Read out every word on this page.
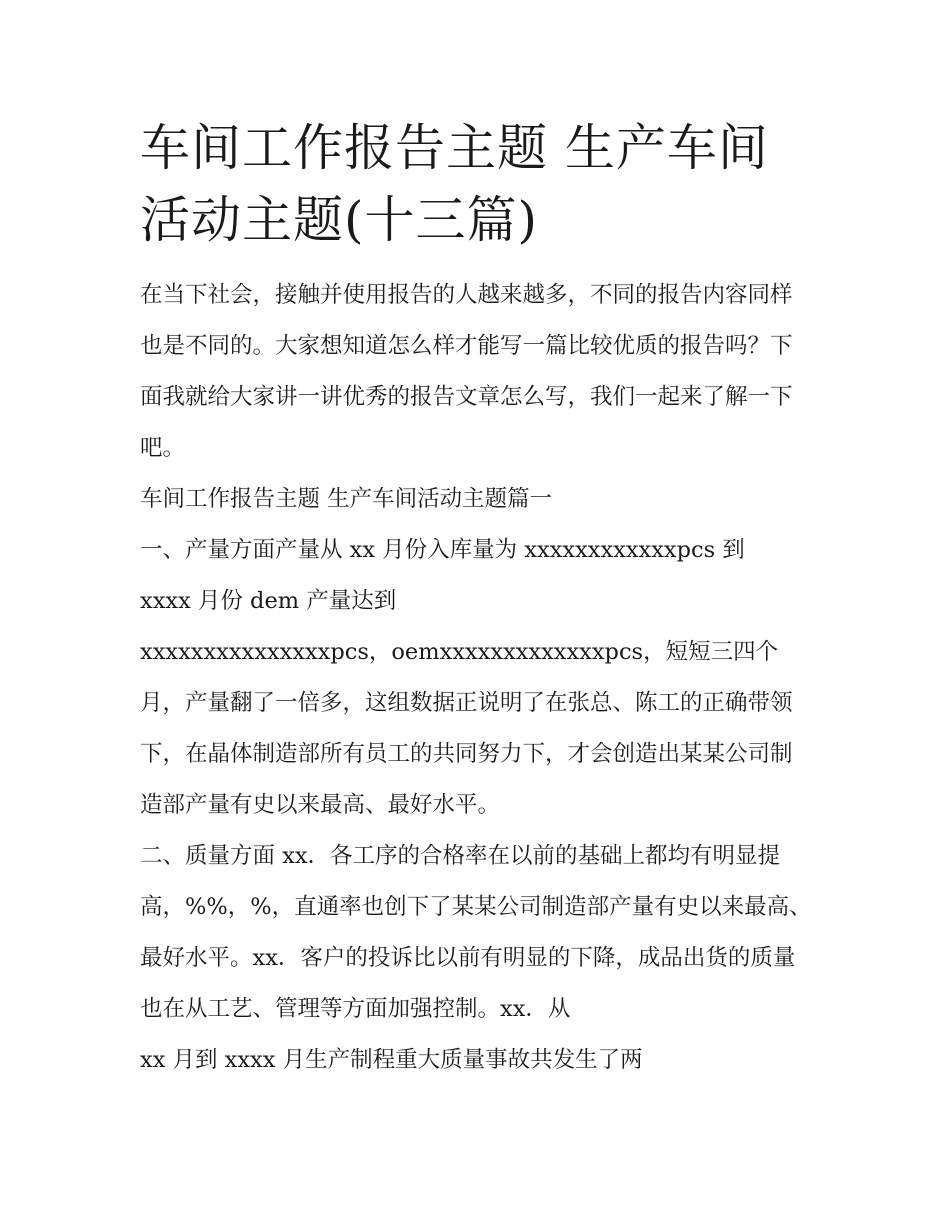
车间工作报告主题 生产车间活动主题(十三篇)

在当下社会，接触并使用报告的人越来越多，不同的报告内容同样也是不同的。大家想知道怎么样才能写一篇比较优质的报告吗？下面我就给大家讲一讲优秀的报告文章怎么写，我们一起来了解一下吧。

车间工作报告主题 生产车间活动主题篇一

一、产量方面产量从 xx 月份入库量为 xxxxxxxxxxxxpcs 到

xxxx 月份 dem 产量达到

xxxxxxxxxxxxxxxpcs，oemxxxxxxxxxxxxxpcs，短短三四个月，产量翻了一倍多，这组数据正说明了在张总、陈工的正确带领下，在晶体制造部所有员工的共同努力下，才会创造出某某公司制造部产量有史以来最高、最好水平。

二、质量方面 xx．各工序的合格率在以前的基础上都均有明显提高，%%，%，直通率也创下了某某公司制造部产量有史以来最高、最好水平。xx．客户的投诉比以前有明显的下降，成品出货的质量也在从工艺、管理等方面加强控制。xx．从

xx 月到 xxxx 月生产制程重大质量事故共发生了两
